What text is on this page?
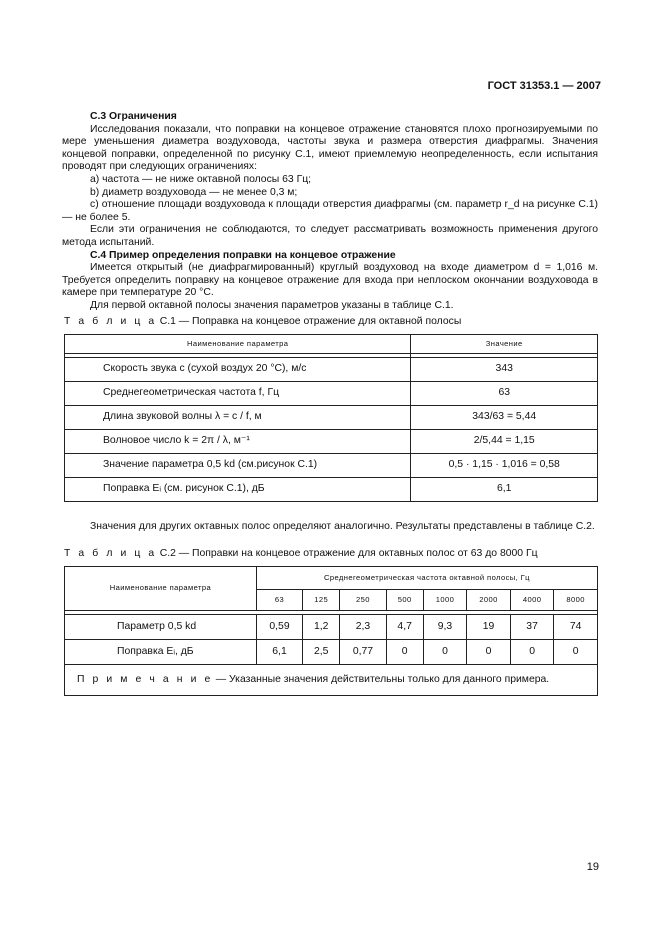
ГОСТ 31353.1 — 2007

С.3 Ограничения

Исследования показали, что поправки на концевое отражение становятся плохо прогнозируемыми по мере уменьшения диаметра воздуховода, частоты звука и размера отверстия диафрагмы. Значения концевой поправки, определенной по рисунку С.1, имеют приемлемую неопределенность, если испытания проводят при следующих ограничениях:

а) частота — не ниже октавной полосы 63 Гц;

b) диаметр воздуховода — не менее 0,3 м;

с) отношение площади воздуховода к площади отверстия диафрагмы (см. параметр r_d на рисунке С.1) — не более 5.

Если эти ограничения не соблюдаются, то следует рассматривать возможность применения другого метода испытаний.

С.4 Пример определения поправки на концевое отражение

Имеется открытый (не диафрагмированный) круглый воздуховод на входе диаметром d = 1,016 м. Требуется определить поправку на концевое отражение для входа при неплоском окончании воздуховода в камере при температуре 20 °С.

Для первой октавной полосы значения параметров указаны в таблице С.1.

Т а б л и ц а С.1 — Поправка на концевое отражение для октавной полосы
Наименование параметра	Значение

Скорость звука с (сухой воздух 20 °С), м/с	343
Среднегеометрическая частота f, Гц	63
Длина звуковой волны λ = с / f, м	343/63 = 5,44
Волновое число k = 2π / λ, м⁻¹	2/5,44 = 1,15
Значение параметра 0,5 kd (см.рисунок С.1)	0,5 · 1,15 · 1,016 = 0,58
Поправка Eᵢ (см. рисунок С.1), дБ	6,1
Значения для других октавных полос определяют аналогично. Результаты представлены в таблице С.2.
Т а б л и ц а С.2 — Поправки на концевое отражение для октавных полос от 63 до 8000 Гц
Наименование параметра	Среднегеометрическая частота октавной полосы, Гц							
	63	125	250	500	1000	2000	4000	8000

Параметр 0,5 kd	0,59	1,2	2,3	4,7	9,3	19	37	74
Поправка Eᵢ, дБ	6,1	2,5	0,77	0	0	0	0	0
П р и м е ч а н и е — Указанные значения действительны только для данного примера.								
19
